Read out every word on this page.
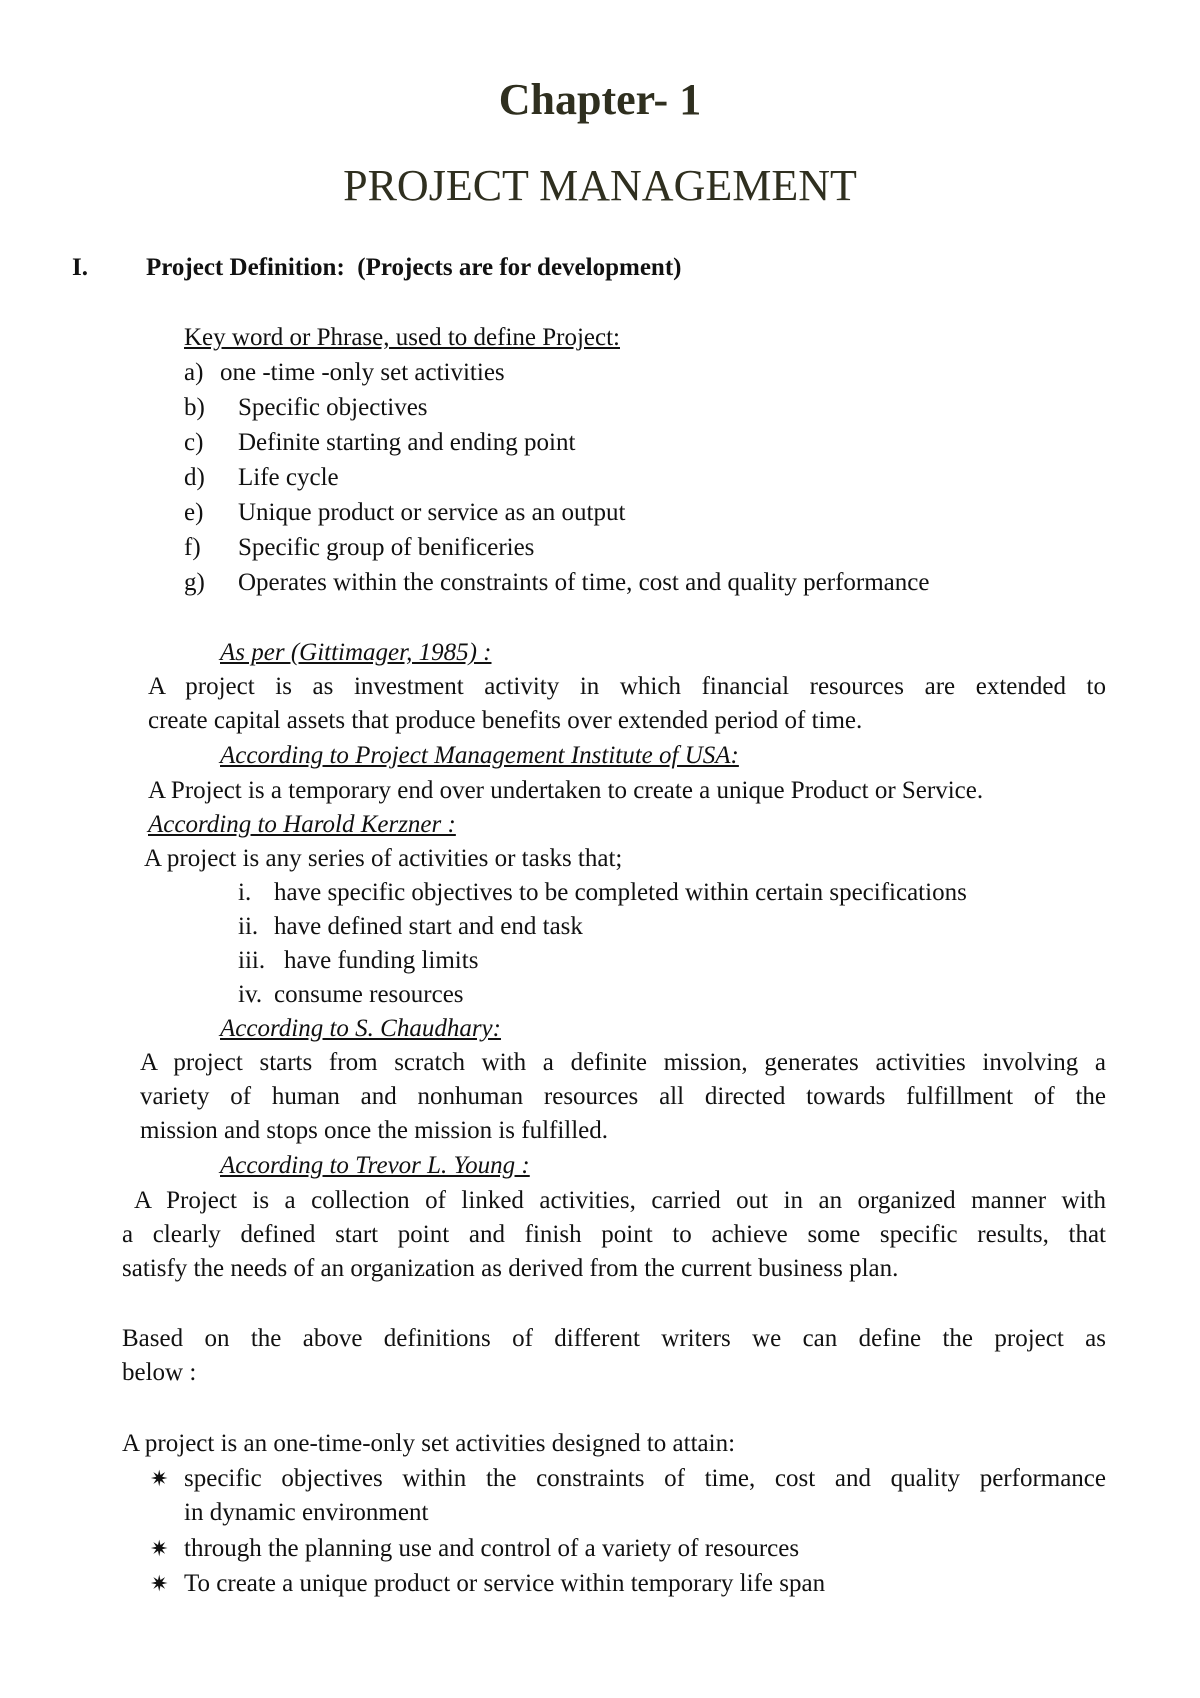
Chapter- 1
PROJECT MANAGEMENT
I. Project Definition: (Projects are for development)
Key word or Phrase, used to define Project:
a) one -time -only set activities
b) Specific objectives
c) Definite starting and ending point
d) Life cycle
e) Unique product or service as an output
f) Specific group of benificeries
g) Operates within the constraints of time, cost and quality performance
As per (Gittimager, 1985) :
A project is as investment activity in which financial resources are extended to
create capital assets that produce benefits over extended period of time.
According to Project Management Institute of USA:
A Project is a temporary end over undertaken to create a unique Product or Service.
According to Harold Kerzner :
A project is any series of activities or tasks that;
i. have specific objectives to be completed within certain specifications
ii. have defined start and end task
iii. have funding limits
iv. consume resources
According to S. Chaudhary:
A project starts from scratch with a definite mission, generates activities involving a
variety of human and nonhuman resources all directed towards fulfillment of the
mission and stops once the mission is fulfilled.
According to Trevor L. Young :
A Project is a collection of linked activities, carried out in an organized manner with
a clearly defined start point and finish point to achieve some specific results, that
satisfy the needs of an organization as derived from the current business plan.
Based on the above definitions of different writers we can define the project as
below :
A project is an one-time-only set activities designed to attain:
✷ specific objectives within the constraints of time, cost and quality performance
in dynamic environment
✷ through the planning use and control of a variety of resources
✷ To create a unique product or service within temporary life span
